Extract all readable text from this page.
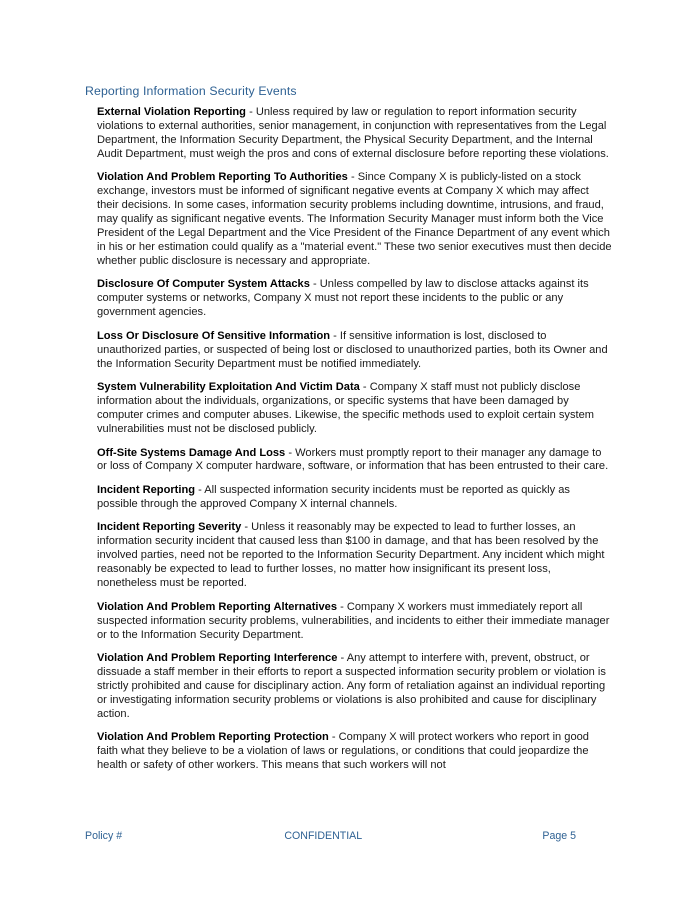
Reporting Information Security Events
External Violation Reporting - Unless required by law or regulation to report information security violations to external authorities, senior management, in conjunction with representatives from the Legal Department, the Information Security Department, the Physical Security Department, and the Internal Audit Department, must weigh the pros and cons of external disclosure before reporting these violations.
Violation And Problem Reporting To Authorities - Since Company X is publicly-listed on a stock exchange, investors must be informed of significant negative events at Company X which may affect their decisions. In some cases, information security problems including downtime, intrusions, and fraud, may qualify as significant negative events. The Information Security Manager must inform both the Vice President of the Legal Department and the Vice President of the Finance Department of any event which in his or her estimation could qualify as a "material event." These two senior executives must then decide whether public disclosure is necessary and appropriate.
Disclosure Of Computer System Attacks - Unless compelled by law to disclose attacks against its computer systems or networks, Company X must not report these incidents to the public or any government agencies.
Loss Or Disclosure Of Sensitive Information - If sensitive information is lost, disclosed to unauthorized parties, or suspected of being lost or disclosed to unauthorized parties, both its Owner and the Information Security Department must be notified immediately.
System Vulnerability Exploitation And Victim Data - Company X staff must not publicly disclose information about the individuals, organizations, or specific systems that have been damaged by computer crimes and computer abuses. Likewise, the specific methods used to exploit certain system vulnerabilities must not be disclosed publicly.
Off-Site Systems Damage And Loss - Workers must promptly report to their manager any damage to or loss of Company X computer hardware, software, or information that has been entrusted to their care.
Incident Reporting - All suspected information security incidents must be reported as quickly as possible through the approved Company X internal channels.
Incident Reporting Severity - Unless it reasonably may be expected to lead to further losses, an information security incident that caused less than $100 in damage, and that has been resolved by the involved parties, need not be reported to the Information Security Department. Any incident which might reasonably be expected to lead to further losses, no matter how insignificant its present loss, nonetheless must be reported.
Violation And Problem Reporting Alternatives - Company X workers must immediately report all suspected information security problems, vulnerabilities, and incidents to either their immediate manager or to the Information Security Department.
Violation And Problem Reporting Interference - Any attempt to interfere with, prevent, obstruct, or dissuade a staff member in their efforts to report a suspected information security problem or violation is strictly prohibited and cause for disciplinary action. Any form of retaliation against an individual reporting or investigating information security problems or violations is also prohibited and cause for disciplinary action.
Violation And Problem Reporting Protection - Company X will protect workers who report in good faith what they believe to be a violation of laws or regulations, or conditions that could jeopardize the health or safety of other workers. This means that such workers will not
Policy #	CONFIDENTIAL	Page 5
